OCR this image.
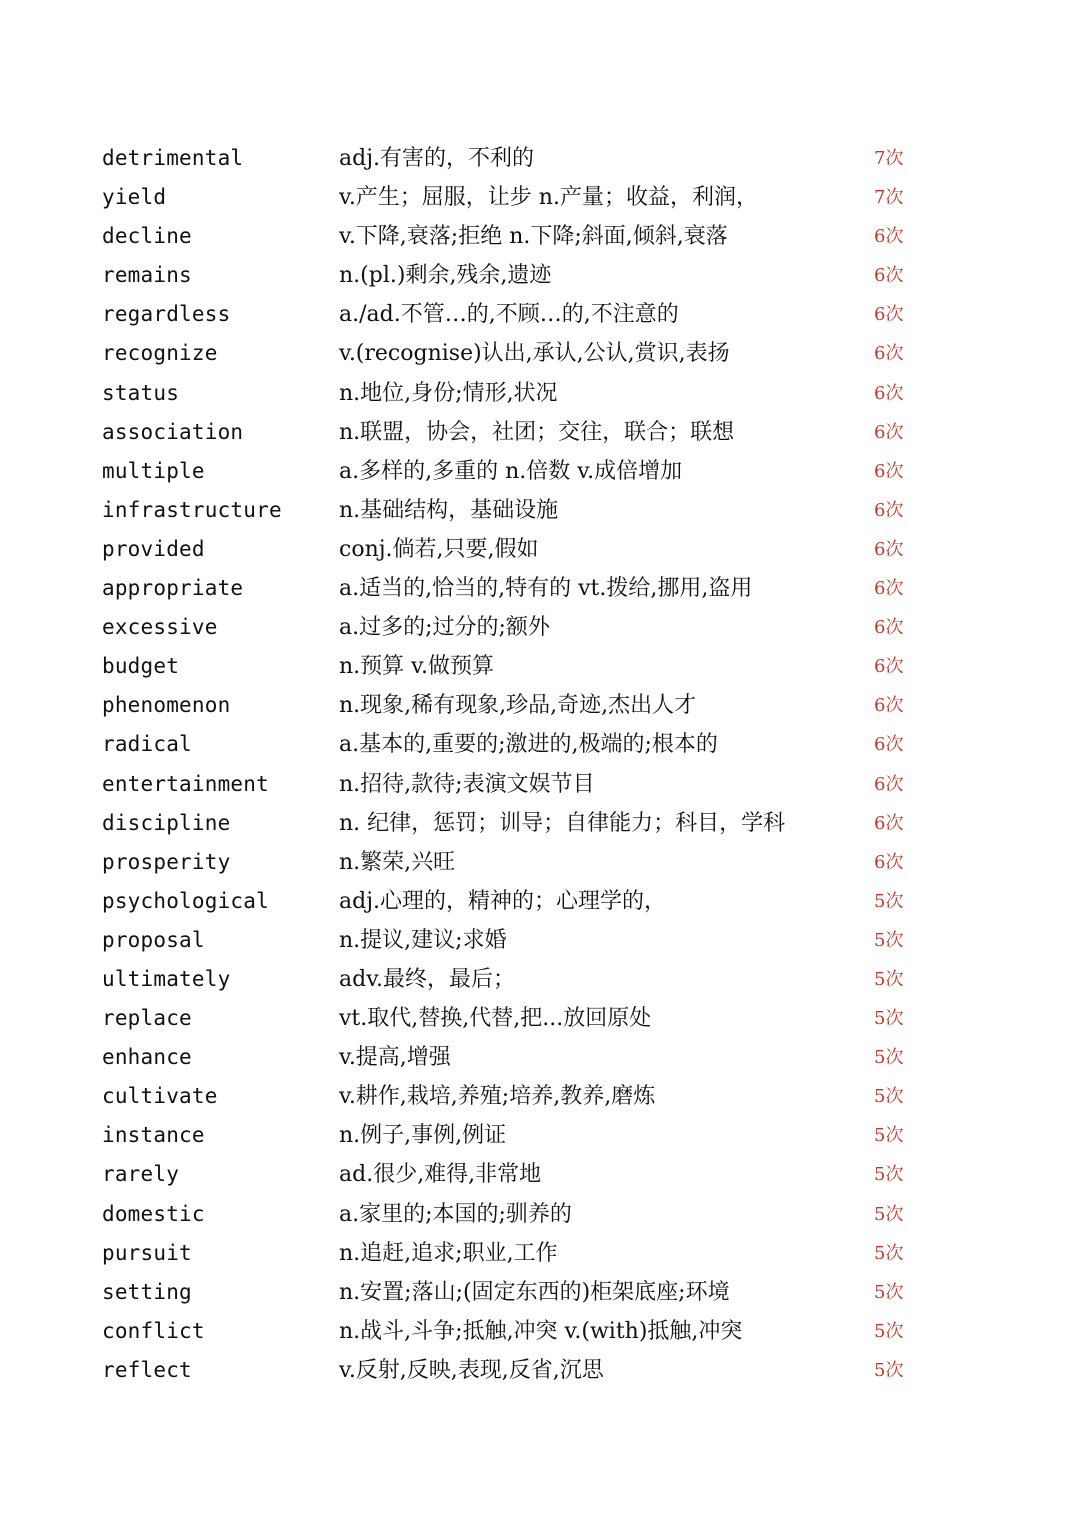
detrimental	adj.有害的，不利的	7次
yield	v.产生；屈服，让步 n.产量；收益，利润，	7次
decline	v.下降,衰落;拒绝 n.下降;斜面,倾斜,衰落	6次
remains	n.(pl.)剩余,残余,遗迹	6次
regardless	a./ad.不管…的,不顾…的,不注意的	6次
recognize	v.(recognise)认出,承认,公认,赏识,表扬	6次
status	n.地位,身份;情形,状况	6次
association	n.联盟，协会，社团；交往，联合；联想	6次
multiple	a.多样的,多重的 n.倍数 v.成倍增加	6次
infrastructure	n.基础结构，基础设施	6次
provided	conj.倘若,只要,假如	6次
appropriate	a.适当的,恰当的,特有的 vt.拨给,挪用,盗用	6次
excessive	a.过多的;过分的;额外	6次
budget	n.预算 v.做预算	6次
phenomenon	n.现象,稀有现象,珍品,奇迹,杰出人才	6次
radical	a.基本的,重要的;激进的,极端的;根本的	6次
entertainment	n.招待,款待;表演文娱节目	6次
discipline	n. 纪律，惩罚；训导；自律能力；科目，学科	6次
prosperity	n.繁荣,兴旺	6次
psychological	adj.心理的，精神的；心理学的，	5次
proposal	n.提议,建议;求婚	5次
ultimately	adv.最终，最后；	5次
replace	vt.取代,替换,代替,把...放回原处	5次
enhance	v.提高,增强	5次
cultivate	v.耕作,栽培,养殖;培养,教养,磨炼	5次
instance	n.例子,事例,例证	5次
rarely	ad.很少,难得,非常地	5次
domestic	a.家里的;本国的;驯养的	5次
pursuit	n.追赶,追求;职业,工作	5次
setting	n.安置;落山;(固定东西的)柜架底座;环境	5次
conflict	n.战斗,斗争;抵触,冲突 v.(with)抵触,冲突	5次
reflect	v.反射,反映,表现,反省,沉思	5次
